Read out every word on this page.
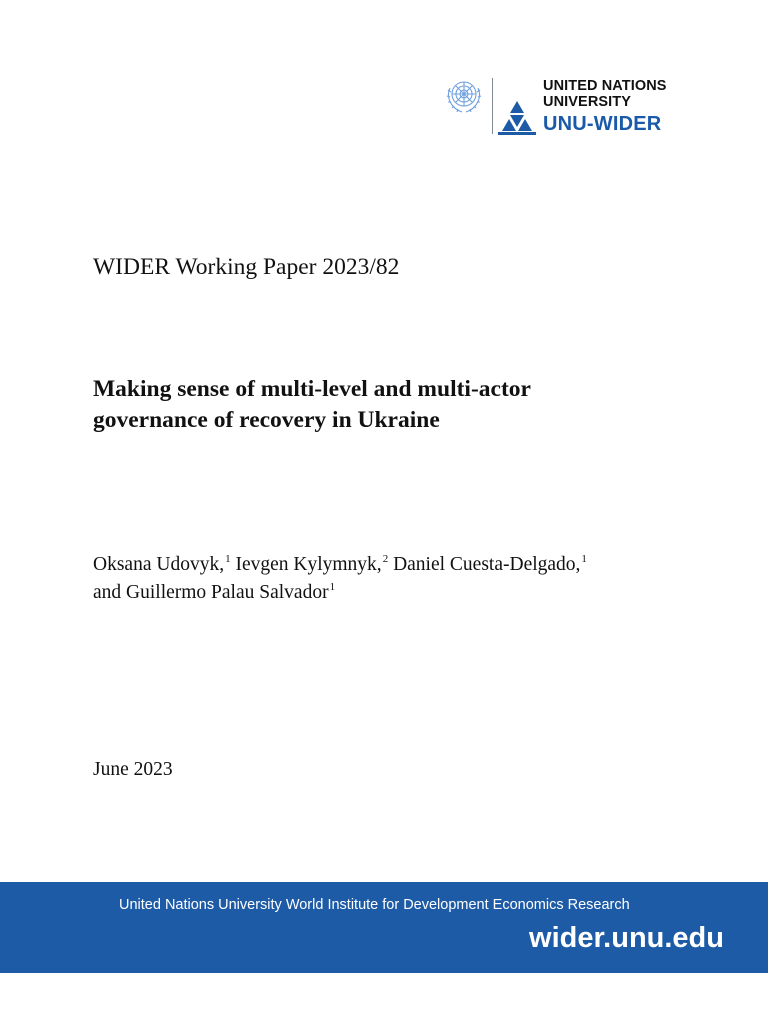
UNITED NATIONS
UNIVERSITY
UNU-WIDER
WIDER Working Paper 2023/82
Making sense of multi-level and multi-actor
governance of recovery in Ukraine
Oksana Udovyk,$^1$ Ievgen Kylymnyk,$^2$ Daniel Cuesta-Delgado,$^1$
and Guillermo Palau Salvador$^1$
June 2023
United Nations University World Institute for Development Economics Research
wider.unu.edu
